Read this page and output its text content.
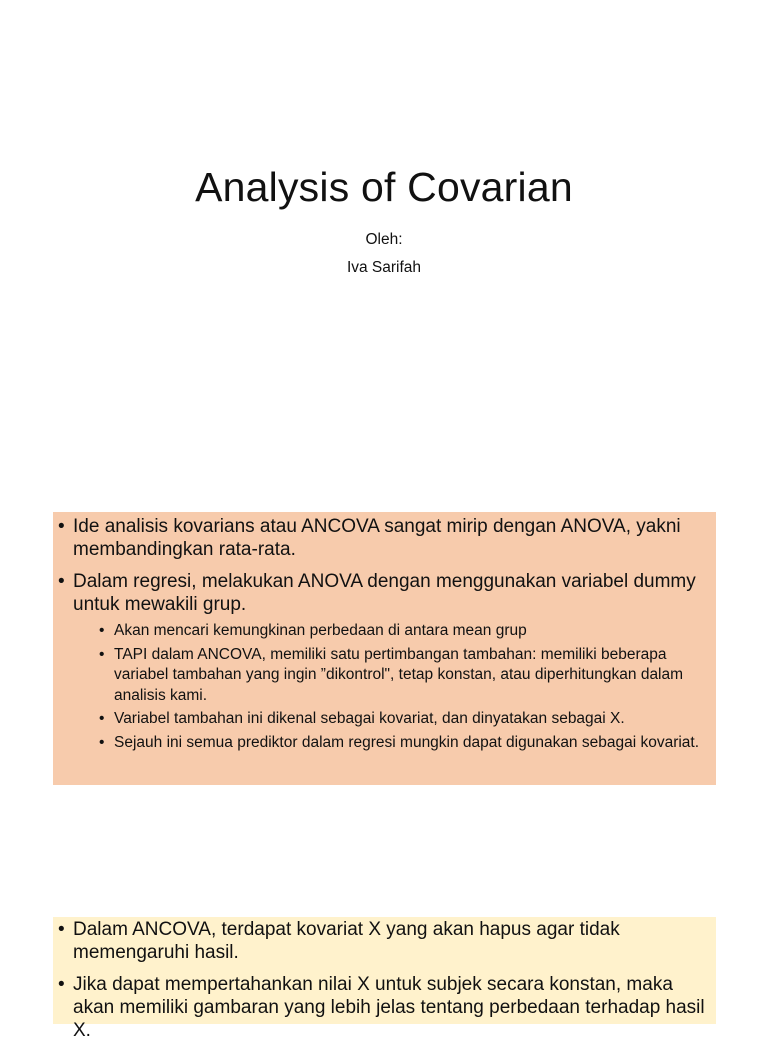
Analysis of Covarian

Oleh:

Iva Sarifah

• Ide analisis kovarians atau ANCOVA sangat mirip dengan ANOVA, yakni membandingkan rata-rata.
• Dalam regresi, melakukan ANOVA dengan menggunakan variabel dummy untuk mewakili grup.
• Akan mencari kemungkinan perbedaan di antara mean grup
• TAPI dalam ANCOVA, memiliki satu pertimbangan tambahan: memiliki beberapa variabel tambahan yang ingin ”dikontrol", tetap konstan, atau diperhitungkan dalam analisis kami.
• Variabel tambahan ini dikenal sebagai kovariat, dan dinyatakan sebagai X.
• Sejauh ini semua prediktor dalam regresi mungkin dapat digunakan sebagai kovariat.
• Dalam ANCOVA, terdapat kovariat X yang akan hapus agar tidak memengaruhi hasil.
• Jika dapat mempertahankan nilai X untuk subjek secara konstan, maka akan memiliki gambaran yang lebih jelas tentang perbedaan terhadap hasil X.
